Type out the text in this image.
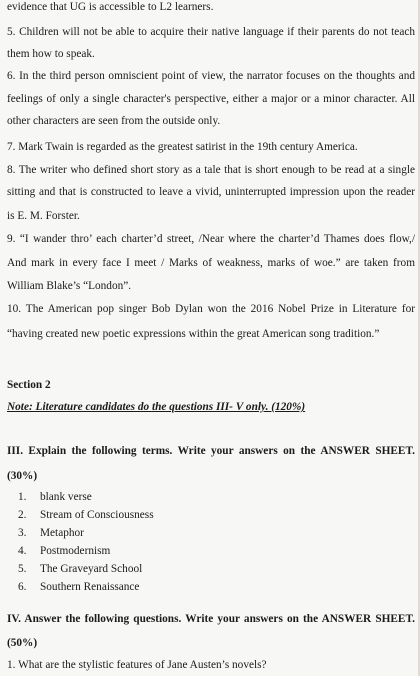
evidence that UG is accessible to L2 learners.
5. Children will not be able to acquire their native language if their parents do not teach
them how to speak.
6. In the third person omniscient point of view, the narrator focuses on the thoughts and
feelings of only a single character's perspective, either a major or a minor character. All
other characters are seen from the outside only.
7. Mark Twain is regarded as the greatest satirist in the 19th century America.
8. The writer who defined short story as a tale that is short enough to be read at a single
sitting and that is constructed to leave a vivid, uninterrupted impression upon the reader
is E. M. Forster.
9. “I wander thro’ each charter’d street, /Near where the charter’d Thames does flow,/
And mark in every face I meet / Marks of weakness, marks of woe.” are taken from
William Blake’s “London”.
10. The American pop singer Bob Dylan won the 2016 Nobel Prize in Literature for
“having created new poetic expressions within the great American song tradition.”
Section 2
Note: Literature candidates do the questions III- V only. (120%)
III. Explain the following terms. Write your answers on the ANSWER SHEET.
(30%)
1. blank verse
2. Stream of Consciousness
3. Metaphor
4. Postmodernism
5. The Graveyard School
6. Southern Renaissance
IV. Answer the following questions. Write your answers on the ANSWER SHEET.
(50%)
1. What are the stylistic features of Jane Austen’s novels?
